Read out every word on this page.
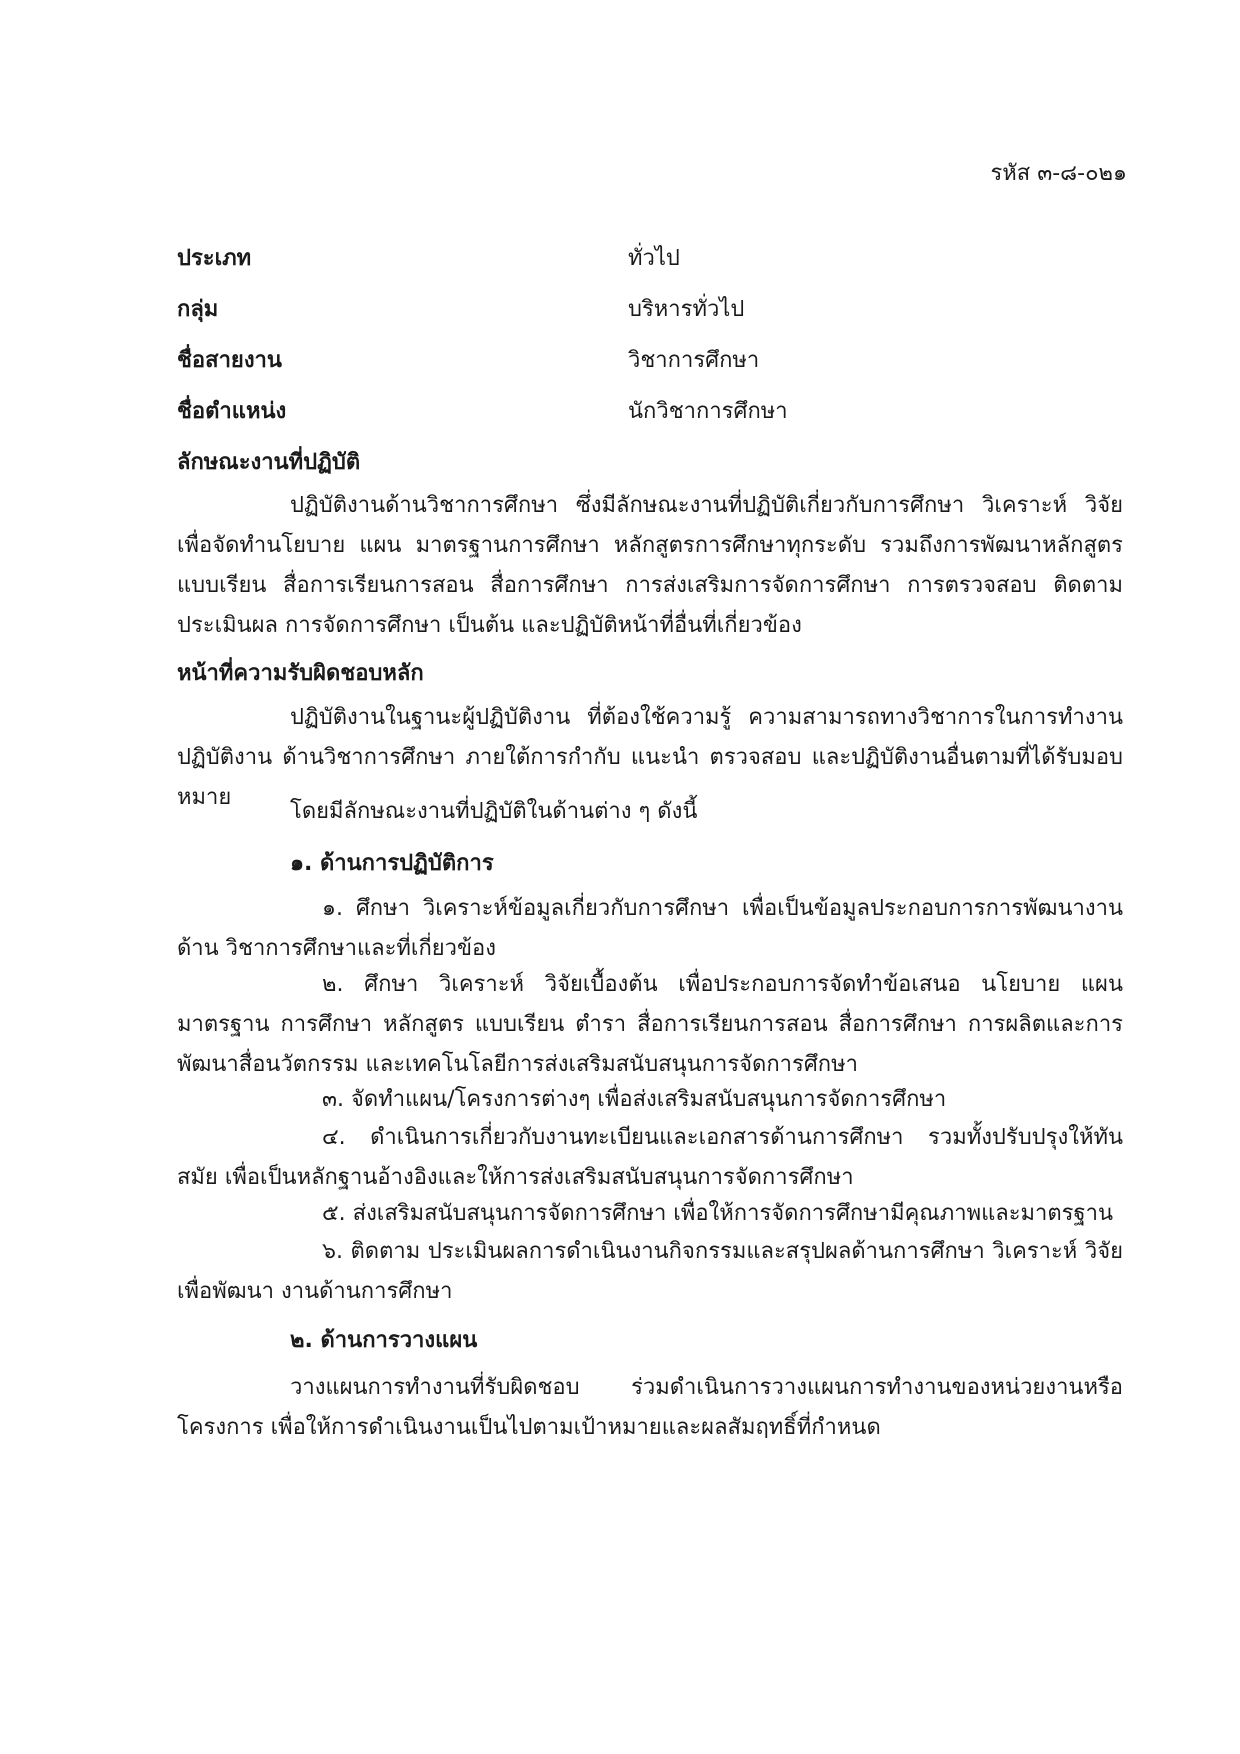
รหัส ๓-๘-๐๒๑
ประเภท	ทั่วไป
กลุ่ม	บริหารทั่วไป
ชื่อสายงาน	วิชาการศึกษา
ชื่อตำแหน่ง	นักวิชาการศึกษา
ลักษณะงานที่ปฏิบัติ
ปฏิบัติงานด้านวิชาการศึกษา ซึ่งมีลักษณะงานที่ปฏิบัติเกี่ยวกับการศึกษา วิเคราะห์ วิจัย เพื่อจัดทำนโยบาย แผน มาตรฐานการศึกษา หลักสูตรการศึกษาทุกระดับ รวมถึงการพัฒนาหลักสูตร แบบเรียน สื่อการเรียนการสอน สื่อการศึกษา การส่งเสริมการจัดการศึกษา การตรวจสอบ ติดตามประเมินผล การจัดการศึกษา เป็นต้น และปฏิบัติหน้าที่อื่นที่เกี่ยวข้อง
หน้าที่ความรับผิดชอบหลัก
ปฏิบัติงานในฐานะผู้ปฏิบัติงาน ที่ต้องใช้ความรู้ ความสามารถทางวิชาการในการทำงานปฏิบัติงาน ด้านวิชาการศึกษา ภายใต้การกำกับ แนะนำ ตรวจสอบ และปฏิบัติงานอื่นตามที่ได้รับมอบหมาย
โดยมีลักษณะงานที่ปฏิบัติในด้านต่าง ๆ ดังนี้
๑. ด้านการปฏิบัติการ
๑. ศึกษา วิเคราะห์ข้อมูลเกี่ยวกับการศึกษา เพื่อเป็นข้อมูลประกอบการการพัฒนางานด้าน วิชาการศึกษาและที่เกี่ยวข้อง
๒. ศึกษา วิเคราะห์ วิจัยเบื้องต้น เพื่อประกอบการจัดทำข้อเสนอ นโยบาย แผน มาตรฐาน การศึกษา หลักสูตร แบบเรียน ตำรา สื่อการเรียนการสอน สื่อการศึกษา การผลิตและการพัฒนาสื่อนวัตกรรม และเทคโนโลยีการส่งเสริมสนับสนุนการจัดการศึกษา
๓. จัดทำแผน/โครงการต่างๆ เพื่อส่งเสริมสนับสนุนการจัดการศึกษา
๔. ดำเนินการเกี่ยวกับงานทะเบียนและเอกสารด้านการศึกษา รวมทั้งปรับปรุงให้ทันสมัย เพื่อเป็นหลักฐานอ้างอิงและให้การส่งเสริมสนับสนุนการจัดการศึกษา
๕. ส่งเสริมสนับสนุนการจัดการศึกษา เพื่อให้การจัดการศึกษามีคุณภาพและมาตรฐาน
๖. ติดตาม ประเมินผลการดำเนินงานกิจกรรมและสรุปผลด้านการศึกษา วิเคราะห์ วิจัย เพื่อพัฒนา งานด้านการศึกษา
๒. ด้านการวางแผน
วางแผนการทำงานที่รับผิดชอบ ร่วมดำเนินการวางแผนการทำงานของหน่วยงานหรือ โครงการ เพื่อให้การดำเนินงานเป็นไปตามเป้าหมายและผลสัมฤทธิ์ที่กำหนด
